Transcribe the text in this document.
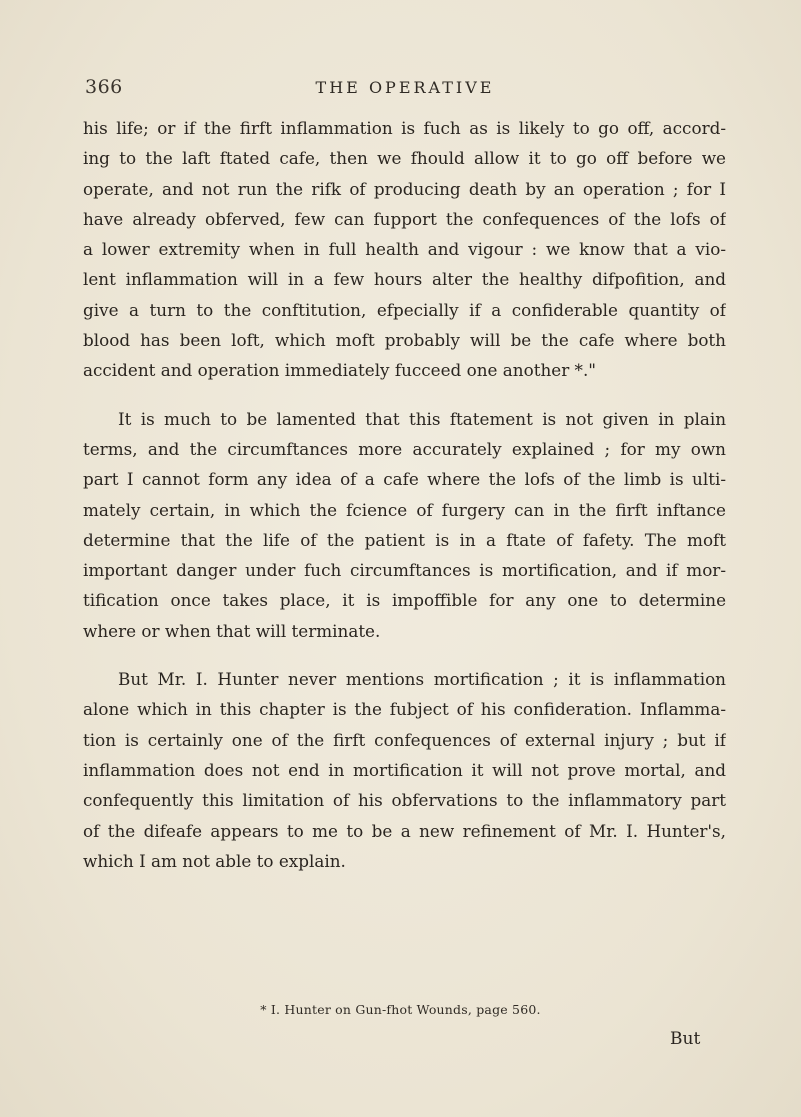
366	THE OPERATIVE

his life; or if the firft inflammation is fuch as is likely to go off, accord-
ing to the laft ftated cafe, then we fhould allow it to go off before we
operate, and not run the rifk of producing death by an operation ; for I
have already obferved, few can fupport the confequences of the lofs of
a lower extremity when in full health and vigour : we know that a vio-
lent inflammation will in a few hours alter the healthy difpofition, and
give a turn to the conftitution, efpecially if a confiderable quantity of
blood has been loft, which moft probably will be the cafe where both
accident and operation immediately fucceed one another *."

It is much to be lamented that this ftatement is not given in plain
terms, and the circumftances more accurately explained ; for my own
part I cannot form any idea of a cafe where the lofs of the limb is ulti-
mately certain, in which the fcience of furgery can in the firft inftance
determine that the life of the patient is in a ftate of fafety. The moft
important danger under fuch circumftances is mortification, and if mor-
tification once takes place, it is impoffible for any one to determine
where or when that will terminate.

But Mr. I. Hunter never mentions mortification ; it is inflammation
alone which in this chapter is the fubject of his confideration. Inflamma-
tion is certainly one of the firft confequences of external injury ; but if
inflammation does not end in mortification it will not prove mortal, and
confequently this limitation of his obfervations to the inflammatory part
of the difeafe appears to me to be a new refinement of Mr. I. Hunter's,
which I am not able to explain.

* I. Hunter on Gun-fhot Wounds, page 560.
But
